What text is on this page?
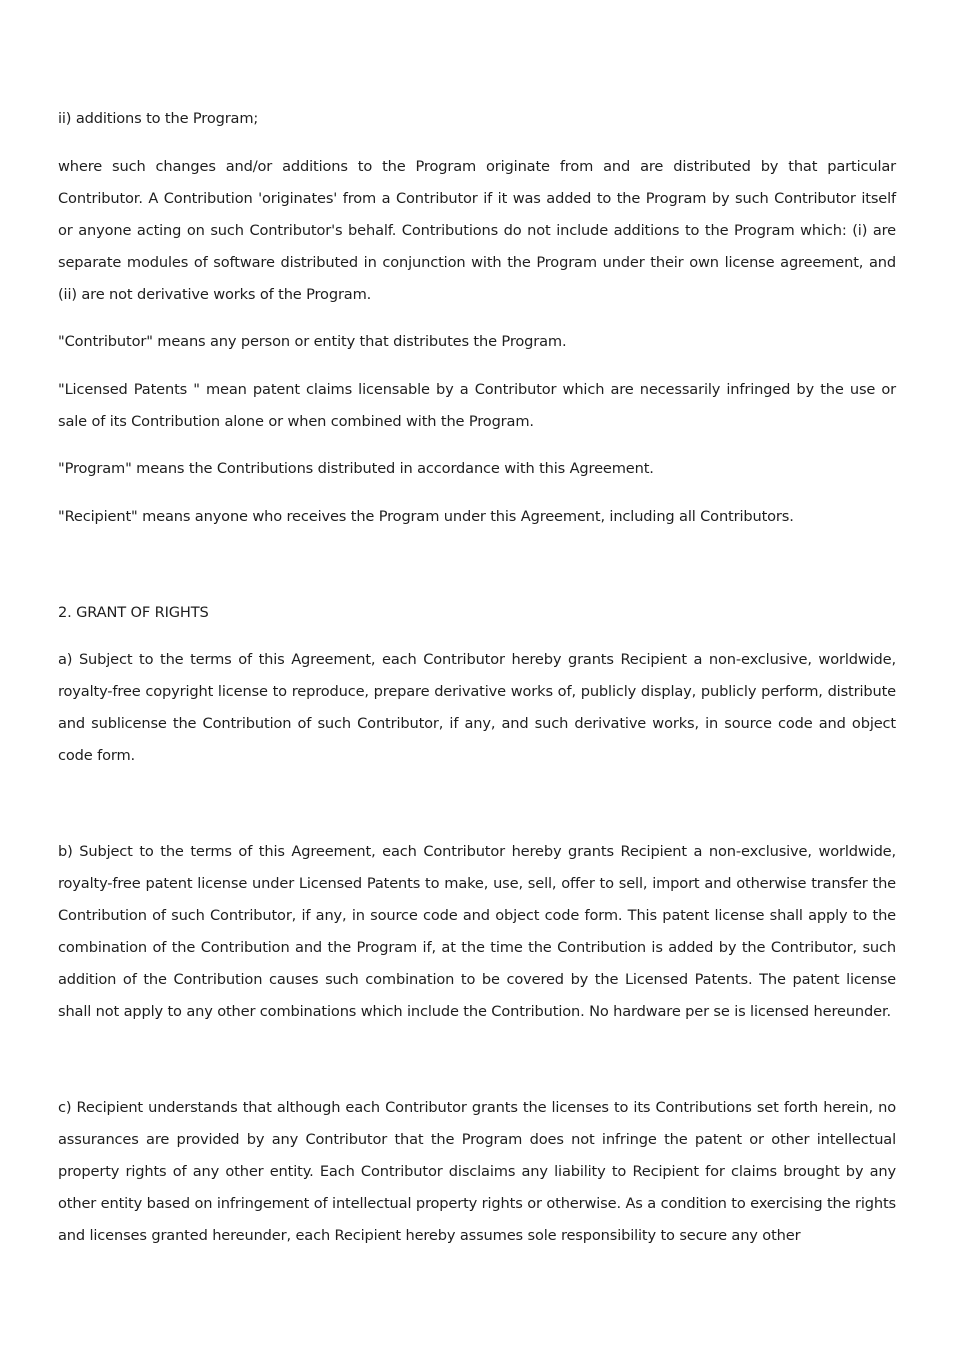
ii) additions to the Program;

where such changes and/or additions to the Program originate from and are distributed by that particular Contributor. A Contribution 'originates' from a Contributor if it was added to the Program by such Contributor itself or anyone acting on such Contributor's behalf. Contributions do not include additions to the Program which: (i) are separate modules of software distributed in conjunction with the Program under their own license agreement, and (ii) are not derivative works of the Program.

"Contributor" means any person or entity that distributes the Program.

"Licensed Patents " mean patent claims licensable by a Contributor which are necessarily infringed by the use or sale of its Contribution alone or when combined with the Program.

"Program" means the Contributions distributed in accordance with this Agreement.

"Recipient" means anyone who receives the Program under this Agreement, including all Contributors.

2. GRANT OF RIGHTS

a) Subject to the terms of this Agreement, each Contributor hereby grants Recipient a non-exclusive, worldwide, royalty-free copyright license to reproduce, prepare derivative works of, publicly display, publicly perform, distribute and sublicense the Contribution of such Contributor, if any, and such derivative works, in source code and object code form.

b) Subject to the terms of this Agreement, each Contributor hereby grants Recipient a non-exclusive, worldwide, royalty-free patent license under Licensed Patents to make, use, sell, offer to sell, import and otherwise transfer the Contribution of such Contributor, if any, in source code and object code form. This patent license shall apply to the combination of the Contribution and the Program if, at the time the Contribution is added by the Contributor, such addition of the Contribution causes such combination to be covered by the Licensed Patents. The patent license shall not apply to any other combinations which include the Contribution. No hardware per se is licensed hereunder.

c) Recipient understands that although each Contributor grants the licenses to its Contributions set forth herein, no assurances are provided by any Contributor that the Program does not infringe the patent or other intellectual property rights of any other entity. Each Contributor disclaims any liability to Recipient for claims brought by any other entity based on infringement of intellectual property rights or otherwise. As a condition to exercising the rights and licenses granted hereunder, each Recipient hereby assumes sole responsibility to secure any other
